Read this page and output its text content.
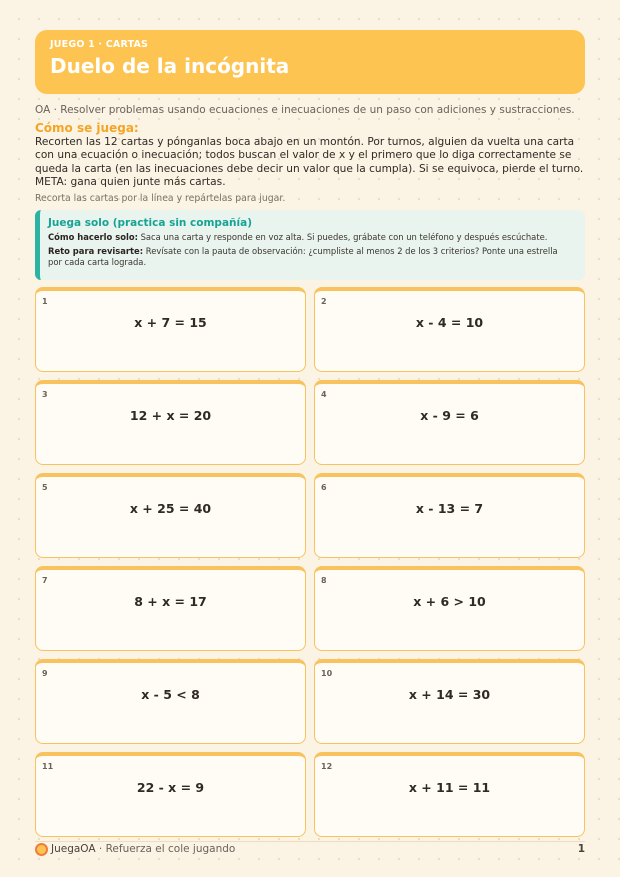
JUEGO 1 · CARTAS
Duelo de la incógnita
OA · Resolver problemas usando ecuaciones e inecuaciones de un paso con adiciones y sustracciones.
Cómo se juega:
Recorten las 12 cartas y pónganlas boca abajo en un montón. Por turnos, alguien da vuelta una carta con una ecuación o inecuación; todos buscan el valor de x y el primero que lo diga correctamente se queda la carta (en las inecuaciones debe decir un valor que la cumpla). Si se equivoca, pierde el turno. META: gana quien junte más cartas.
Recorta las cartas por la línea y repártelas para jugar.
Juega solo (practica sin compañía)
Cómo hacerlo solo: Saca una carta y responde en voz alta. Si puedes, grábate con un teléfono y después escúchate.
Reto para revisarte: Revísate con la pauta de observación: ¿cumpliste al menos 2 de los 3 criterios? Ponte una estrella por cada carta lograda.
1
x + 7 = 15
2
x - 4 = 10
3
12 + x = 20
4
x - 9 = 6
5
x + 25 = 40
6
x - 13 = 7
7
8 + x = 17
8
x + 6 > 10
9
x - 5 < 8
10
x + 14 = 30
11
22 - x = 9
12
x + 11 = 11
JuegaOA · Refuerza el cole jugando	1
